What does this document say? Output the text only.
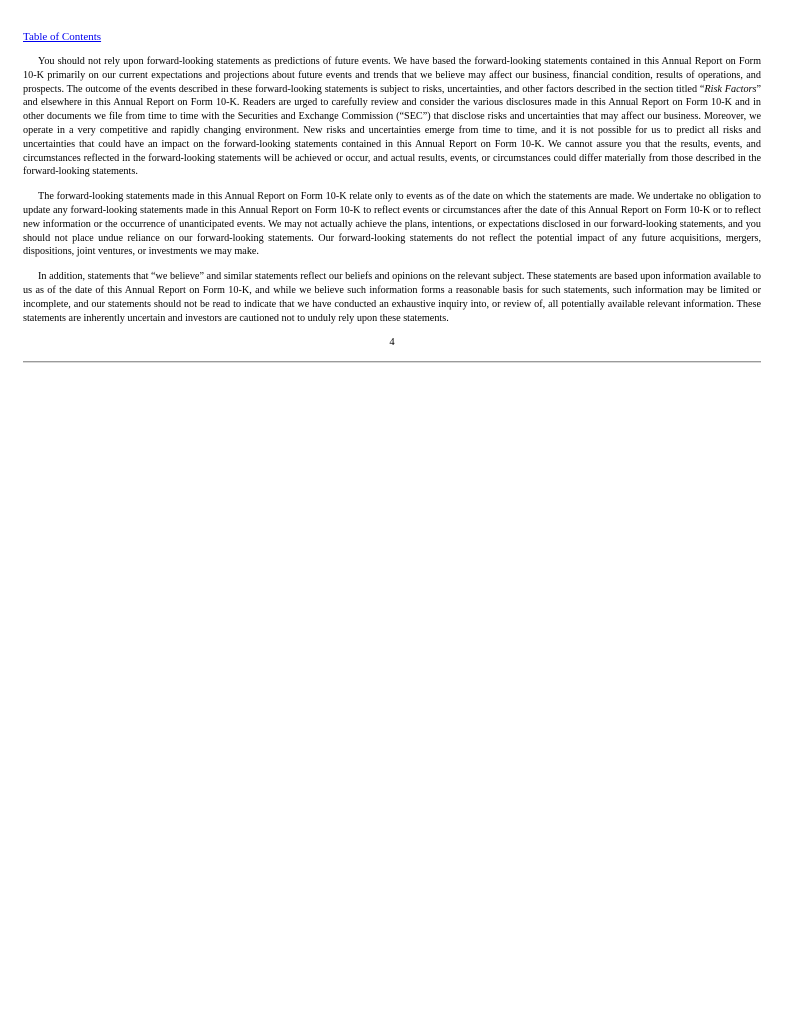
Table of Contents

You should not rely upon forward-looking statements as predictions of future events. We have based the forward-looking statements contained in this Annual Report on Form 10-K primarily on our current expectations and projections about future events and trends that we believe may affect our business, financial condition, results of operations, and prospects. The outcome of the events described in these forward-looking statements is subject to risks, uncertainties, and other factors described in the section titled “Risk Factors” and elsewhere in this Annual Report on Form 10-K. Readers are urged to carefully review and consider the various disclosures made in this Annual Report on Form 10-K and in other documents we file from time to time with the Securities and Exchange Commission (“SEC”) that disclose risks and uncertainties that may affect our business. Moreover, we operate in a very competitive and rapidly changing environment. New risks and uncertainties emerge from time to time, and it is not possible for us to predict all risks and uncertainties that could have an impact on the forward-looking statements contained in this Annual Report on Form 10-K. We cannot assure you that the results, events, and circumstances reflected in the forward-looking statements will be achieved or occur, and actual results, events, or circumstances could differ materially from those described in the forward-looking statements.

The forward-looking statements made in this Annual Report on Form 10-K relate only to events as of the date on which the statements are made. We undertake no obligation to update any forward-looking statements made in this Annual Report on Form 10-K to reflect events or circumstances after the date of this Annual Report on Form 10-K or to reflect new information or the occurrence of unanticipated events. We may not actually achieve the plans, intentions, or expectations disclosed in our forward-looking statements, and you should not place undue reliance on our forward-looking statements. Our forward-looking statements do not reflect the potential impact of any future acquisitions, mergers, dispositions, joint ventures, or investments we may make.

In addition, statements that “we believe” and similar statements reflect our beliefs and opinions on the relevant subject. These statements are based upon information available to us as of the date of this Annual Report on Form 10-K, and while we believe such information forms a reasonable basis for such statements, such information may be limited or incomplete, and our statements should not be read to indicate that we have conducted an exhaustive inquiry into, or review of, all potentially available relevant information. These statements are inherently uncertain and investors are cautioned not to unduly rely upon these statements.

4
